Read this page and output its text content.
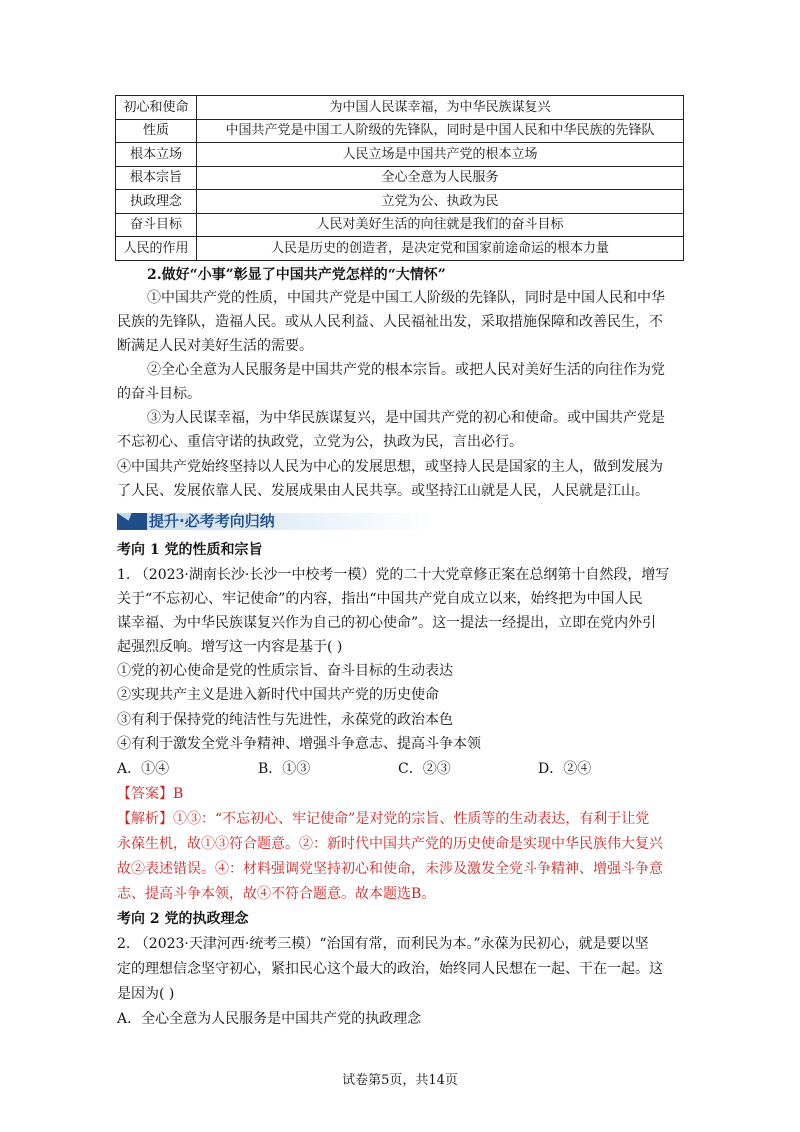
初心和使命	为中国人民谋幸福，为中华民族谋复兴
性质	中国共产党是中国工人阶级的先锋队，同时是中国人民和中华民族的先锋队
根本立场	人民立场是中国共产党的根本立场
根本宗旨	全心全意为人民服务
执政理念	立党为公、执政为民
奋斗目标	人民对美好生活的向往就是我们的奋斗目标
人民的作用	人民是历史的创造者，是决定党和国家前途命运的根本力量
2.做好“小事”彰显了中国共产党怎样的“大情怀”
①中国共产党的性质，中国共产党是中国工人阶级的先锋队，同时是中国人民和中华
民族的先锋队，造福人民。或从人民利益、人民福祉出发，采取措施保障和改善民生，不
断满足人民对美好生活的需要。
②全心全意为人民服务是中国共产党的根本宗旨。或把人民对美好生活的向往作为党
的奋斗目标。
③为人民谋幸福，为中华民族谋复兴，是中国共产党的初心和使命。或中国共产党是
不忘初心、重信守诺的执政党，立党为公，执政为民，言出必行。
④中国共产党始终坚持以人民为中心的发展思想，或坚持人民是国家的主人，做到发展为
了人民、发展依靠人民、发展成果由人民共享。或坚持江山就是人民，人民就是江山。
提升·必考考向归纳
考向 1 党的性质和宗旨
1. （2023·湖南长沙·长沙一中校考一模）党的二十大党章修正案在总纲第十自然段，增写
关于“不忘初心、牢记使命”的内容，指出“中国共产党自成立以来，始终把为中国人民
谋幸福、为中华民族谋复兴作为自己的初心使命”。这一提法一经提出，立即在党内外引
起强烈反响。增写这一内容是基于( )
①党的初心使命是党的性质宗旨、奋斗目标的生动表达
②实现共产主义是进入新时代中国共产党的历史使命
③有利于保持党的纯洁性与先进性，永葆党的政治本色
④有利于激发全党斗争精神、增强斗争意志、提高斗争本领
A．①④	B．①③	C．②③	D．②④
【答案】B
【解析】①③：“不忘初心、牢记使命”是对党的宗旨、性质等的生动表达，有利于让党
永葆生机，故①③符合题意。②：新时代中国共产党的历史使命是实现中华民族伟大复兴
故②表述错误。④：材料强调党坚持初心和使命，未涉及激发全党斗争精神、增强斗争意
志、提高斗争本领，故④不符合题意。故本题选B。
考向 2 党的执政理念
2. （2023·天津河西·统考三模）“治国有常，而利民为本。”永葆为民初心，就是要以坚
定的理想信念坚守初心，紧扣民心这个最大的政治，始终同人民想在一起、干在一起。这
是因为( )
A．全心全意为人民服务是中国共产党的执政理念
试卷第5页，共14页
